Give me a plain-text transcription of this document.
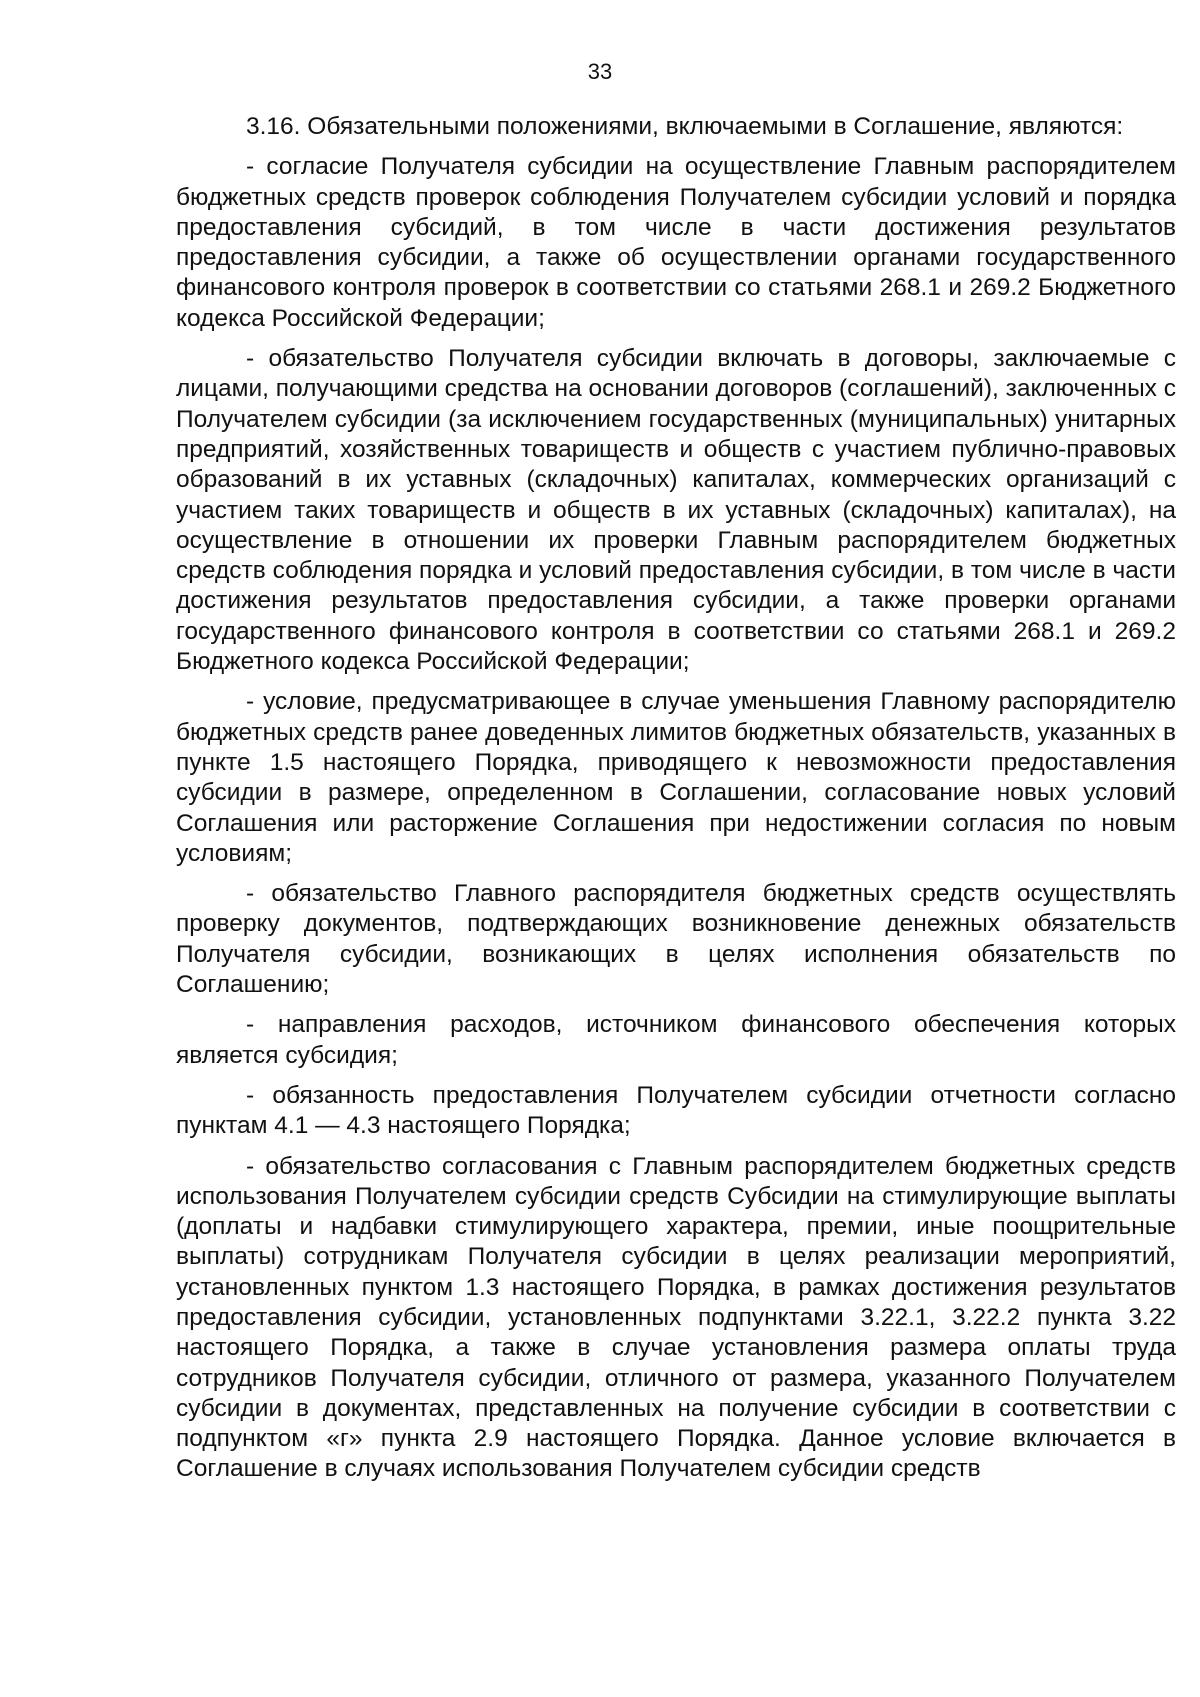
33

3.16. Обязательными положениями, включаемыми в Соглашение, являются:

- согласие Получателя субсидии на осуществление Главным распорядителем бюджетных средств проверок соблюдения Получателем субсидии условий и порядка предоставления субсидий, в том числе в части достижения результатов предоставления субсидии, а также об осуществлении органами государственного финансового контроля проверок в соответствии со статьями 268.1 и 269.2 Бюджетного кодекса Российской Федерации;

- обязательство Получателя субсидии включать в договоры, заключаемые с лицами, получающими средства на основании договоров (соглашений), заключенных с Получателем субсидии (за исключением государственных (муниципальных) унитарных предприятий, хозяйственных товариществ и обществ с участием публично-правовых образований в их уставных (складочных) капиталах, коммерческих организаций с участием таких товариществ и обществ в их уставных (складочных) капиталах), на осуществление в отношении их проверки Главным распорядителем бюджетных средств соблюдения порядка и условий предоставления субсидии, в том числе в части достижения результатов предоставления субсидии, а также проверки органами государственного финансового контроля в соответствии со статьями 268.1 и 269.2 Бюджетного кодекса Российской Федерации;

- условие, предусматривающее в случае уменьшения Главному распорядителю бюджетных средств ранее доведенных лимитов бюджетных обязательств, указанных в пункте 1.5 настоящего Порядка, приводящего к невозможности предоставления субсидии в размере, определенном в Соглашении, согласование новых условий Соглашения или расторжение Соглашения при недостижении согласия по новым условиям;

- обязательство Главного распорядителя бюджетных средств осуществлять проверку документов, подтверждающих возникновение денежных обязательств Получателя субсидии, возникающих в целях исполнения обязательств по Соглашению;

- направления расходов, источником финансового обеспечения которых является субсидия;

- обязанность предоставления Получателем субсидии отчетности согласно пунктам 4.1 — 4.3 настоящего Порядка;

- обязательство согласования с Главным распорядителем бюджетных средств использования Получателем субсидии средств Субсидии на стимулирующие выплаты (доплаты и надбавки стимулирующего характера, премии, иные поощрительные выплаты) сотрудникам Получателя субсидии в целях реализации мероприятий, установленных пунктом 1.3 настоящего Порядка, в рамках достижения результатов предоставления субсидии, установленных подпунктами 3.22.1, 3.22.2 пункта 3.22 настоящего Порядка, а также в случае установления размера оплаты труда сотрудников Получателя субсидии, отличного от размера, указанного Получателем субсидии в документах, представленных на получение субсидии в соответствии с подпунктом «г» пункта 2.9 настоящего Порядка. Данное условие включается в Соглашение в случаях использования Получателем субсидии средств
